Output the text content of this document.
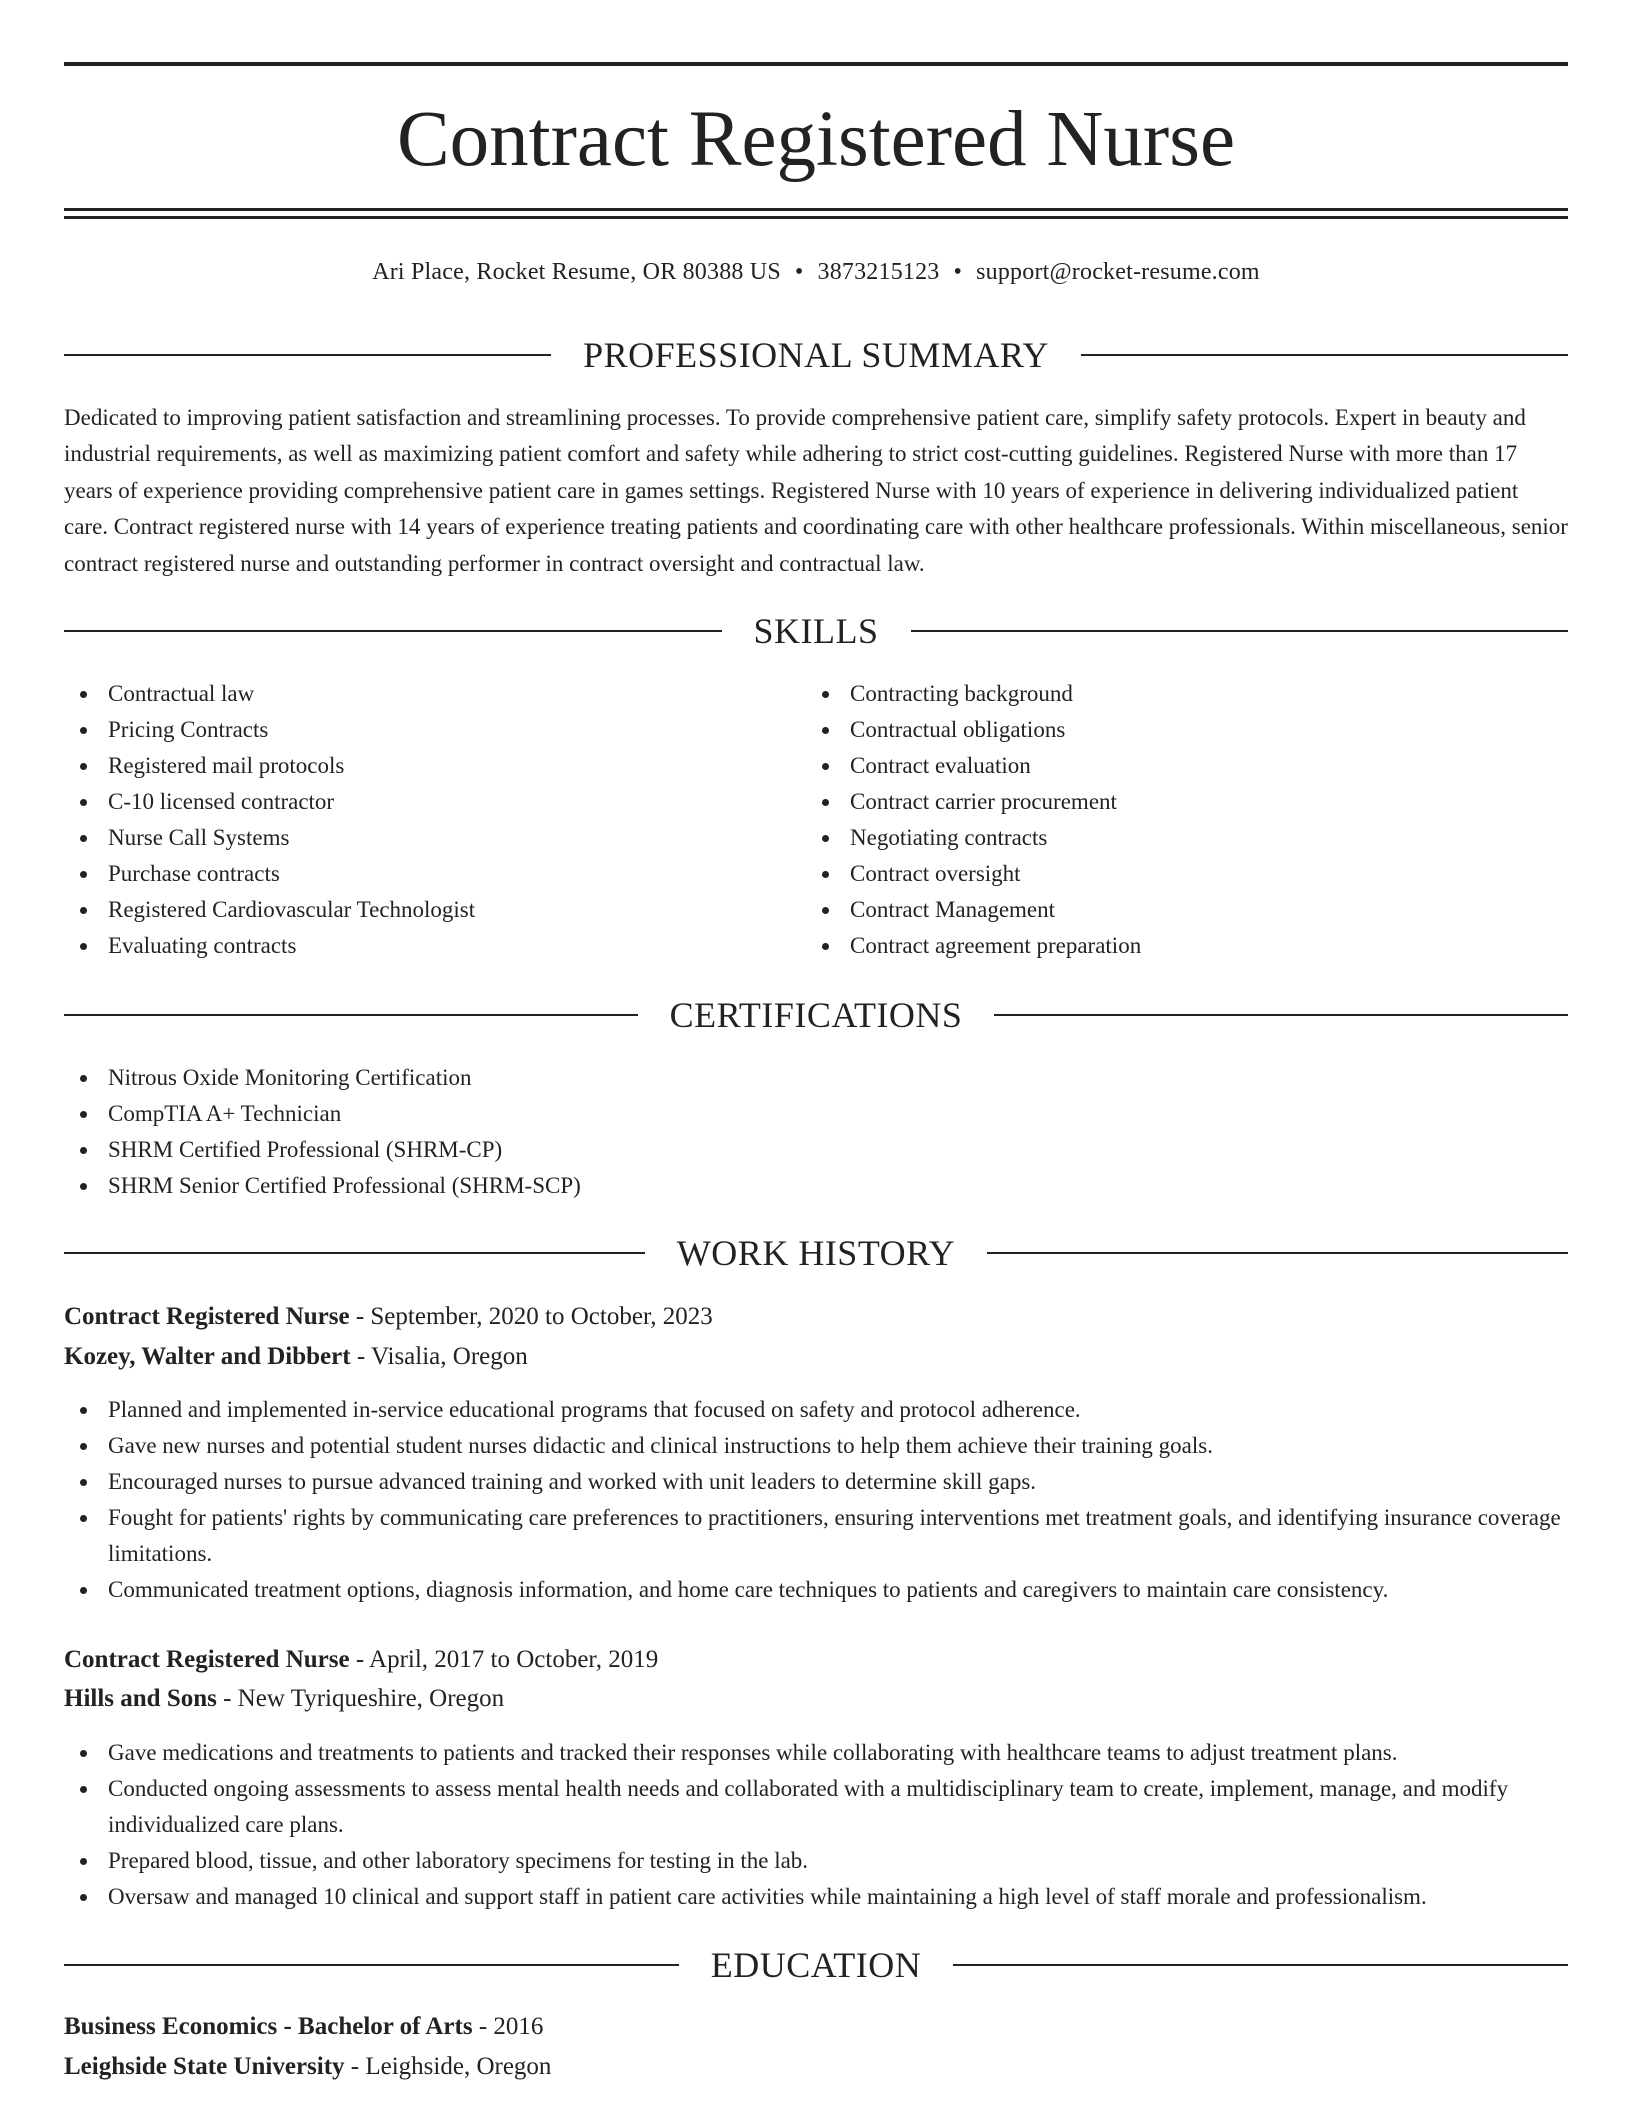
Contract Registered Nurse
Ari Place, Rocket Resume, OR 80388 US • 3873215123 • support@rocket-resume.com
PROFESSIONAL SUMMARY

Dedicated to improving patient satisfaction and streamlining processes. To provide comprehensive patient care, simplify safety protocols. Expert in beauty and industrial requirements, as well as maximizing patient comfort and safety while adhering to strict cost-cutting guidelines. Registered Nurse with more than 17 years of experience providing comprehensive patient care in games settings. Registered Nurse with 10 years of experience in delivering individualized patient care. Contract registered nurse with 14 years of experience treating patients and coordinating care with other healthcare professionals. Within miscellaneous, senior contract registered nurse and outstanding performer in contract oversight and contractual law.

SKILLS
Contractual law
Pricing Contracts
Registered mail protocols
C-10 licensed contractor
Nurse Call Systems
Purchase contracts
Registered Cardiovascular Technologist
Evaluating contracts
Contracting background
Contractual obligations
Contract evaluation
Contract carrier procurement
Negotiating contracts
Contract oversight
Contract Management
Contract agreement preparation
CERTIFICATIONS
Nitrous Oxide Monitoring Certification
CompTIA A+ Technician
SHRM Certified Professional (SHRM-CP)
SHRM Senior Certified Professional (SHRM-SCP)
WORK HISTORY
Contract Registered Nurse - September, 2020 to October, 2023
Kozey, Walter and Dibbert - Visalia, Oregon
Planned and implemented in-service educational programs that focused on safety and protocol adherence.
Gave new nurses and potential student nurses didactic and clinical instructions to help them achieve their training goals.
Encouraged nurses to pursue advanced training and worked with unit leaders to determine skill gaps.
Fought for patients' rights by communicating care preferences to practitioners, ensuring interventions met treatment goals, and identifying insurance coverage limitations.
Communicated treatment options, diagnosis information, and home care techniques to patients and caregivers to maintain care consistency.
Contract Registered Nurse - April, 2017 to October, 2019
Hills and Sons - New Tyriqueshire, Oregon
Gave medications and treatments to patients and tracked their responses while collaborating with healthcare teams to adjust treatment plans.
Conducted ongoing assessments to assess mental health needs and collaborated with a multidisciplinary team to create, implement, manage, and modify individualized care plans.
Prepared blood, tissue, and other laboratory specimens for testing in the lab.
Oversaw and managed 10 clinical and support staff in patient care activities while maintaining a high level of staff morale and professionalism.
EDUCATION
Business Economics - Bachelor of Arts - 2016
Leighside State University - Leighside, Oregon
